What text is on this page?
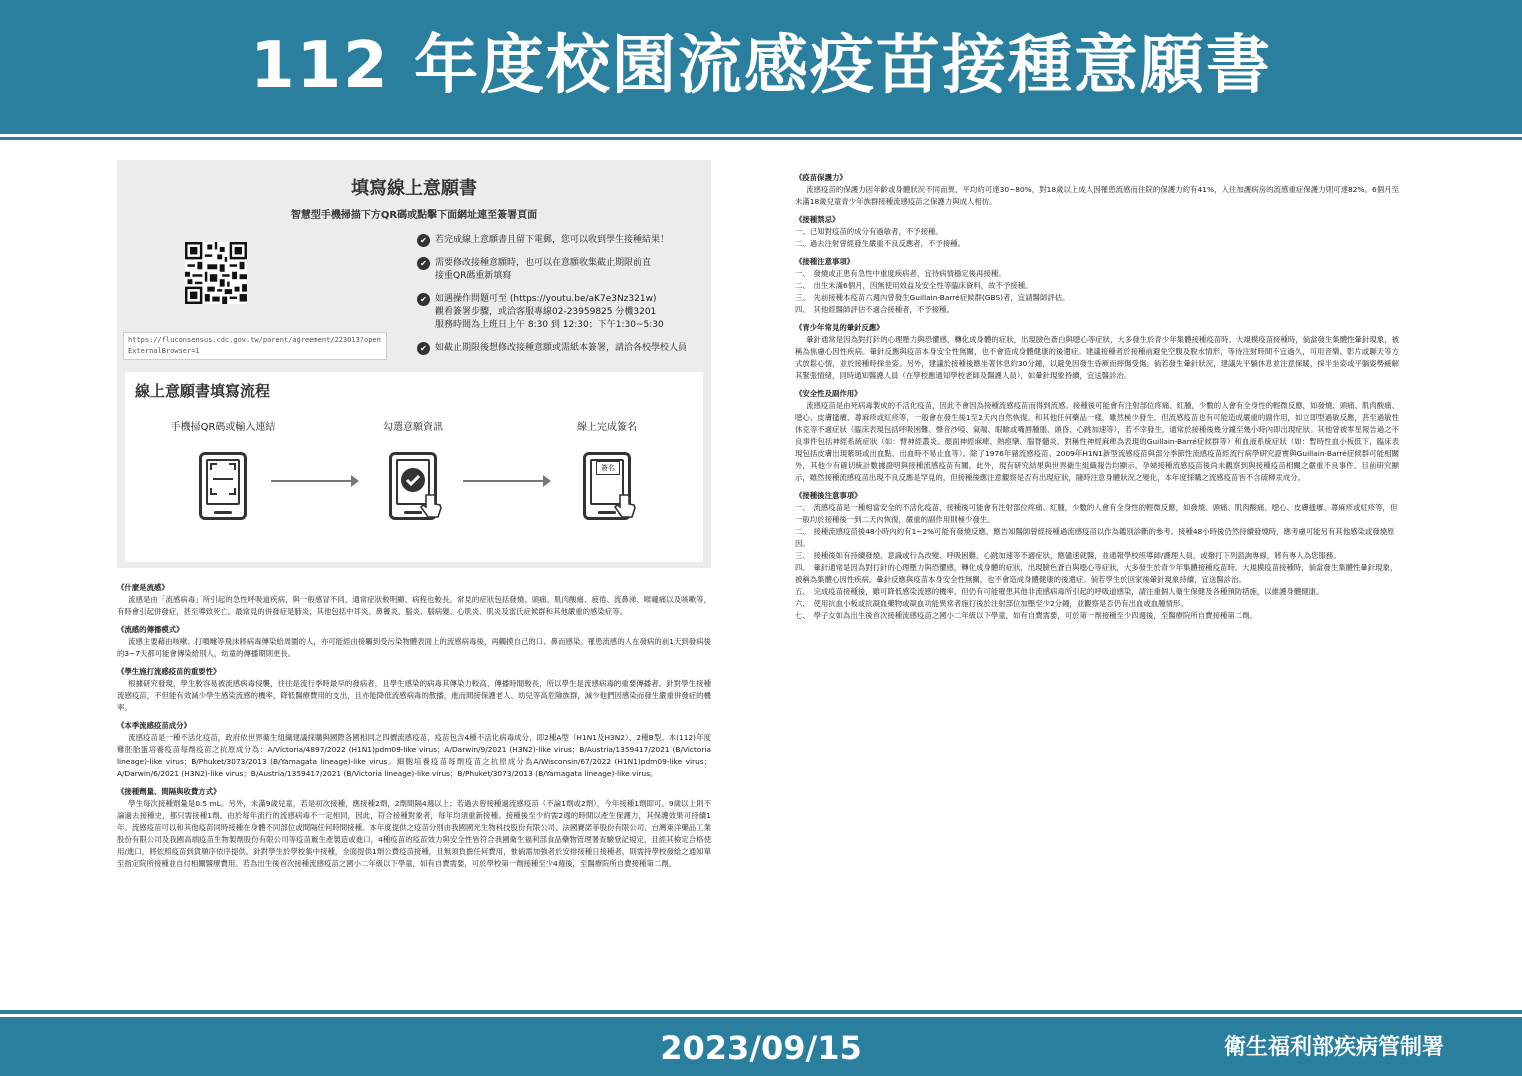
112 年度校園流感疫苗接種意願書
填寫線上意願書
智慧型手機掃描下方QR碼或點擊下面網址連至簽署頁面
https://fluconsensus.cdc.gov.tw/parent/agreement/223013?openExternalBrowser=1
✔ 若完成線上意願書且留下電郵，您可以收到學生接種結果！
✔ 需要修改接種意願時，也可以在意願收集截止期限前直
接重QR碼重新填寫
✔ 如遇操作問題可至 (https://youtu.be/aK7e3Nz321w)
觀看簽署步驟，或洽客服專線02-23959825 分機3201
服務時間為上班日上午 8:30 到 12:30；下午1:30~5:30
✔ 如截止期限後想修改接種意願或需紙本簽署，請洽各校學校人員
線上意願書填寫流程
手機掃QR碼或輸入連結	勾選意願資訊	線上完成簽名
簽名
《什麼是流感》

流感是由「流感病毒」所引起的急性呼吸道疾病，與一般感冒不同，通常症狀較明顯、病程也較長。常見的症狀包括發燒、頭痛、肌肉酸痛、疲倦、流鼻涕、喉嚨痛以及咳嗽等，有時會引起併發症，甚至導致死亡。最常見的併發症是肺炎，其他包括中耳炎、鼻竇炎、腦炎、腦病變、心肌炎、肌炎及雷氏症候群和其他嚴重的感染症等。

《流感的傳播模式》

流感主要藉由咳嗽、打噴嚏等飛沫將病毒傳染給周圍的人，亦可能經由接觸到受污染物體表面上的流感病毒後，再觸摸自己的口、鼻而感染。罹患流感的人在發病的前1天到發病後的3~7天都可能會傳染給別人，幼童的傳播期則更長。

《學生施打流感疫苗的重要性》

根據研究發現，學生較容易被流感病毒侵襲，往往是流行季時最早的發病者，且學生感染的病毒其傳染力較高、傳播時間較長，所以學生是流感病毒的重要傳播者。針對學生接種流感疫苗，不但能有效減少學生感染流感的機率，降低醫療費用的支出，且亦能降低流感病毒的散播，進而間接保護老人、幼兒等高危險族群，減少他們因感染而發生嚴重併發症的機率。

《本季流感疫苗成分》

流感疫苗是一種不活化疫苗，政府依世界衛生組織建議採購與國際各國相同之四價流感疫苗，疫苗包含4種不活化病毒成分，即2種A型（H1N1及H3N2）、2種B型。本(112)年度雞胚胎蛋培養疫苗每劑疫苗之抗原成分為：A/Victoria/4897/2022 (H1N1)pdm09-like virus；A/Darwin/9/2021 (H3N2)-like virus；B/Austria/1359417/2021 (B/Victoria lineage)-like virus；B/Phuket/3073/2013 (B/Yamagata lineage)-like virus。細胞培養疫苗每劑疫苗之抗原成分為A/Wisconsin/67/2022 (H1N1)pdm09-like virus；A/Darwin/6/2021 (H3N2)-like virus；B/Austria/1359417/2021 (B/Victoria lineage)-like virus；B/Phuket/3073/2013 (B/Yamagata lineage)-like virus。

《接種劑量、間隔與收費方式》

學生每次接種劑量是0.5 mL。另外，未滿9歲兒童，若是初次接種，應接種2劑，2劑間隔4週以上；若過去曾接種過流感疫苗（不論1劑或2劑），今年接種1劑即可。9歲以上則不論過去接種史，都只需接種1劑。由於每年流行的流感病毒不一定相同，因此，符合接種對象者，每年均須重新接種。接種後至少約需2週的時間以產生保護力，其保護效果可持續1年。流感疫苗可以和其他疫苗同時接種在身體不同部位或間隔任何時間接種。本年度提供之疫苗分別由我國國光生物科技股份有限公司、法國賽諾菲股份有限公司、台灣東洋藥品工業股份有限公司及我國高端疫苗生物製劑股份有限公司等疫苗廠生產製造或進口，4種疫苗的疫苗效力與安全性皆符合我國衛生福利部食品藥物管理署查驗登記規定，且經其檢定合格使用/進口，將依照疫苗到貨順序依序提供。針對學生於學校集中接種，全面提供1劑公費疫苗接種，且無須負擔任何費用，惟倘需加強者於安排接種日接種者，則需持學校發給之通知單至指定院所接種並自付相關醫療費用。若為出生後首次接種流感疫苗之國小二年級以下學童，如有自費需要，可於學校第一劑接種至少4週後，至醫療院所自費接種第二劑。

《疫苗保護力》

流感疫苗的保護力因年齡或身體狀況不同而異，平均約可達30~80%，對18歲以上成人因罹患流感而住院的保護力約有41%，入住加護病房的流感重症保護力則可達82%。6個月至未滿18歲兒童青少年族群接種流感疫苗之保護力與成人相仿。

《接種禁忌》
一、已知對疫苗的成分有過敏者，不予接種。
二、過去注射曾經發生嚴重不良反應者，不予接種。
《接種注意事項》
一、　發燒或正患有急性中重度疾病者，宜待病情穩定後再接種。
二、　出生未滿6個月，因無使用效益及安全性等臨床資料，故不予接種。
三、　先前接種本疫苗六週內曾發生Guillain-Barré症候群(GBS)者，宜請醫師評估。
四、　其他經醫師評估不適合接種者，不予接種。
《青少年常見的暈針反應》

暈針通常是因為對打針的心理壓力與恐懼感，轉化成身體的症狀，出現臉色蒼白與噁心等症狀，大多發生於青少年集體接種疫苗時。大規模疫苗接種時，倘當發生集體性暈針現象，被稱為焦慮心因性疾病。暈針反應與疫苗本身安全性無關，也不會造成身體健康的後遺症。建議接種者於接種前避免空腹及脫水情形，等待注射時間不宜過久，可用音樂、影片或聊天等方式放鬆心情，並於接種時採坐姿。另外，建議於接種後應坐著休息約30分鐘，以避免因發生昏厥而摔傷受傷。倘若發生暈針狀況，建議先平躺休息並注意保暖，採半坐姿或平躺姿勢緩解其緊張情緒，同時通知醫護人員（在學校應通知學校老師及醫護人員），如暈針現象持續，宜送醫診治。

《安全性及副作用》

流感疫苗是由死病毒製成的不活化疫苗，因此不會因為接種流感疫苗而得到流感。接種後可能會有注射部位疼痛、紅腫，少數的人會有全身性的輕微反應，如發燒、頭痛、肌肉酸痛、噁心、皮膚搔癢、蕁麻疹或紅疹等，一般會在發生後1至2天內自然恢復。和其他任何藥品一樣，雖然極少發生，但流感疫苗也有可能造成嚴重的副作用，如立即型過敏反應，甚至過敏性休克等不適症狀（臨床表現包括呼吸困難、聲音沙啞、氣喘、眼瞼或嘴唇腫脹、頭昏、心跳加速等），若不幸發生，通常於接種後幾分鐘至幾小時內即出現症狀。其他曾被零星報告過之不良事件包括神經系統症狀（如：臂神經叢炎、顏面神經麻痺、熱痙攣、腦脊髓炎、對稱性神經麻痺為表現的Guillain-Barré症候群等）和血液系統症狀（如：暫時性血小板低下，臨床表現包括皮膚出現紫斑或出血點、出血時不易止血等）。除了1976年豬流感疫苗、2009年H1N1新型流感疫苗與部分季節性流感疫苗經流行病學研究證實與Guillain-Barré症候群可能相關外，其他少有確切統計數據證明與接種流感疫苗有關。此外，現有研究結果與世界衛生組織報告均顯示，孕婦接種流感疫苗後尚未觀察到與接種疫苗相關之嚴重不良事件。目前研究顯示，雖然接種流感疫苗出現不良反應是罕見的，但接種後應注意觀察是否有出現症狀，隨時注意身體狀況之變化，本年度採購之流感疫苗皆不含硫柳汞成分。

《接種後注意事項》
一、　流感疫苗是一種相當安全的不活化疫苗，接種後可能會有注射部位疼痛、紅腫，少數的人會有全身性的輕微反應，如發燒、頭痛、肌肉酸痛、噁心、皮膚搔癢、蕁麻疹或紅疹等，但一般均於接種後一到二天內恢復，嚴重的副作用則極少發生。
二、　接種流感疫苗後48小時內約有1~2%可能有發燒反應，應告知醫師曾經接種過流感疫苗以作為鑑別診斷的參考。接種48小時後仍然持續發燒時，應考慮可能另有其他感染或發燒原因。
三、　接種後如有持續發燒、意識或行為改變、呼吸困難、心跳加速等不適症狀，應儘速就醫，並通報學校班導師/護理人員，或撥打下列諮詢專線，將有專人為您服務。
四、　暈針通常是因為對打針的心理壓力與恐懼感，轉化成身體的症狀，出現臉色蒼白與噁心等症狀，大多發生於青少年集體接種疫苗時。大規模疫苗接種時，倘當發生集體性暈針現象，被稱為集體心因性疾病。暈針反應與疫苗本身安全性無關，也不會造成身體健康的後遺症。倘若學生於回家後暈針現象持續，宜送醫診治。
五、　完成疫苗接種後，雖可降低感染流感的機率，但仍有可能罹患其他非流感病毒所引起的呼吸道感染，請注重個人衛生保健及各種預防措施，以維護身體健康。
六、　使用抗血小板或抗凝血藥物或凝血功能異常者施打後於注射部位加壓至少2分鐘，並觀察是否仍有出血或血腫情形。
七、　學子女如為出生後首次接種流感疫苗之國小二年級以下學童，如有自費需要，可於第一劑接種至少四週後，至醫療院所自費接種第二劑。
2023/09/15	衛生福利部疾病管制署
